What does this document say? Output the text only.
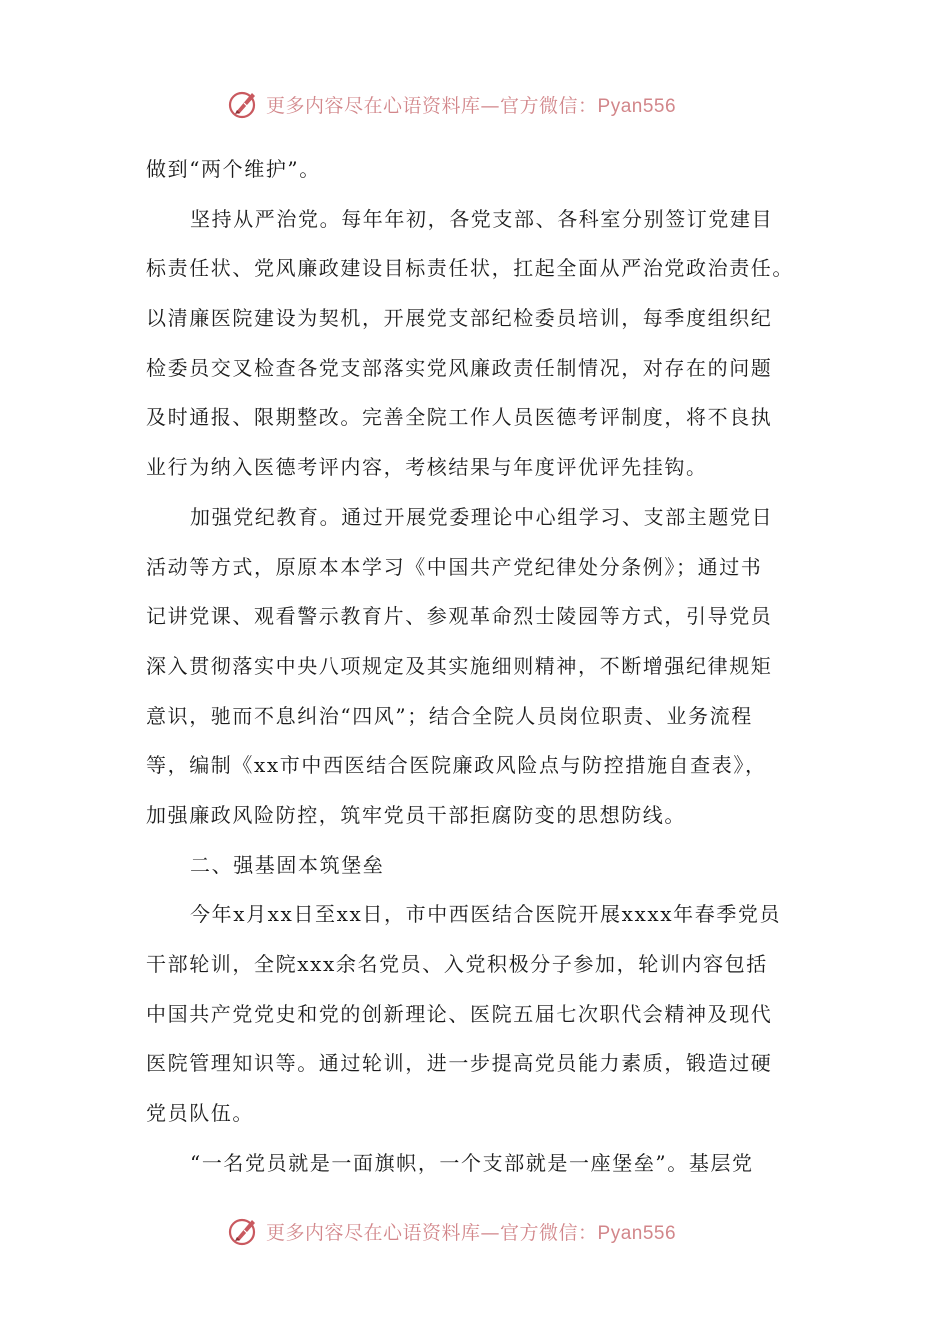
更多内容尽在心语资料库—官方微信：Pyan556
做到“两个维护”。
坚持从严治党。每年年初，各党支部、各科室分别签订党建目
标责任状、党风廉政建设目标责任状，扛起全面从严治党政治责任。
以清廉医院建设为契机，开展党支部纪检委员培训，每季度组织纪
检委员交叉检查各党支部落实党风廉政责任制情况，对存在的问题
及时通报、限期整改。完善全院工作人员医德考评制度，将不良执
业行为纳入医德考评内容，考核结果与年度评优评先挂钩。
加强党纪教育。通过开展党委理论中心组学习、支部主题党日
活动等方式，原原本本学习《中国共产党纪律处分条例》；通过书
记讲党课、观看警示教育片、参观革命烈士陵园等方式，引导党员
深入贯彻落实中央八项规定及其实施细则精神，不断增强纪律规矩
意识，驰而不息纠治“四风”；结合全院人员岗位职责、业务流程
等，编制《xx市中西医结合医院廉政风险点与防控措施自查表》，
加强廉政风险防控，筑牢党员干部拒腐防变的思想防线。
二、强基固本筑堡垒
今年x月xx日至xx日，市中西医结合医院开展xxxx年春季党员
干部轮训，全院xxx余名党员、入党积极分子参加，轮训内容包括
中国共产党党史和党的创新理论、医院五届七次职代会精神及现代
医院管理知识等。通过轮训，进一步提高党员能力素质，锻造过硬
党员队伍。
“一名党员就是一面旗帜，一个支部就是一座堡垒”。基层党
更多内容尽在心语资料库—官方微信：Pyan556
